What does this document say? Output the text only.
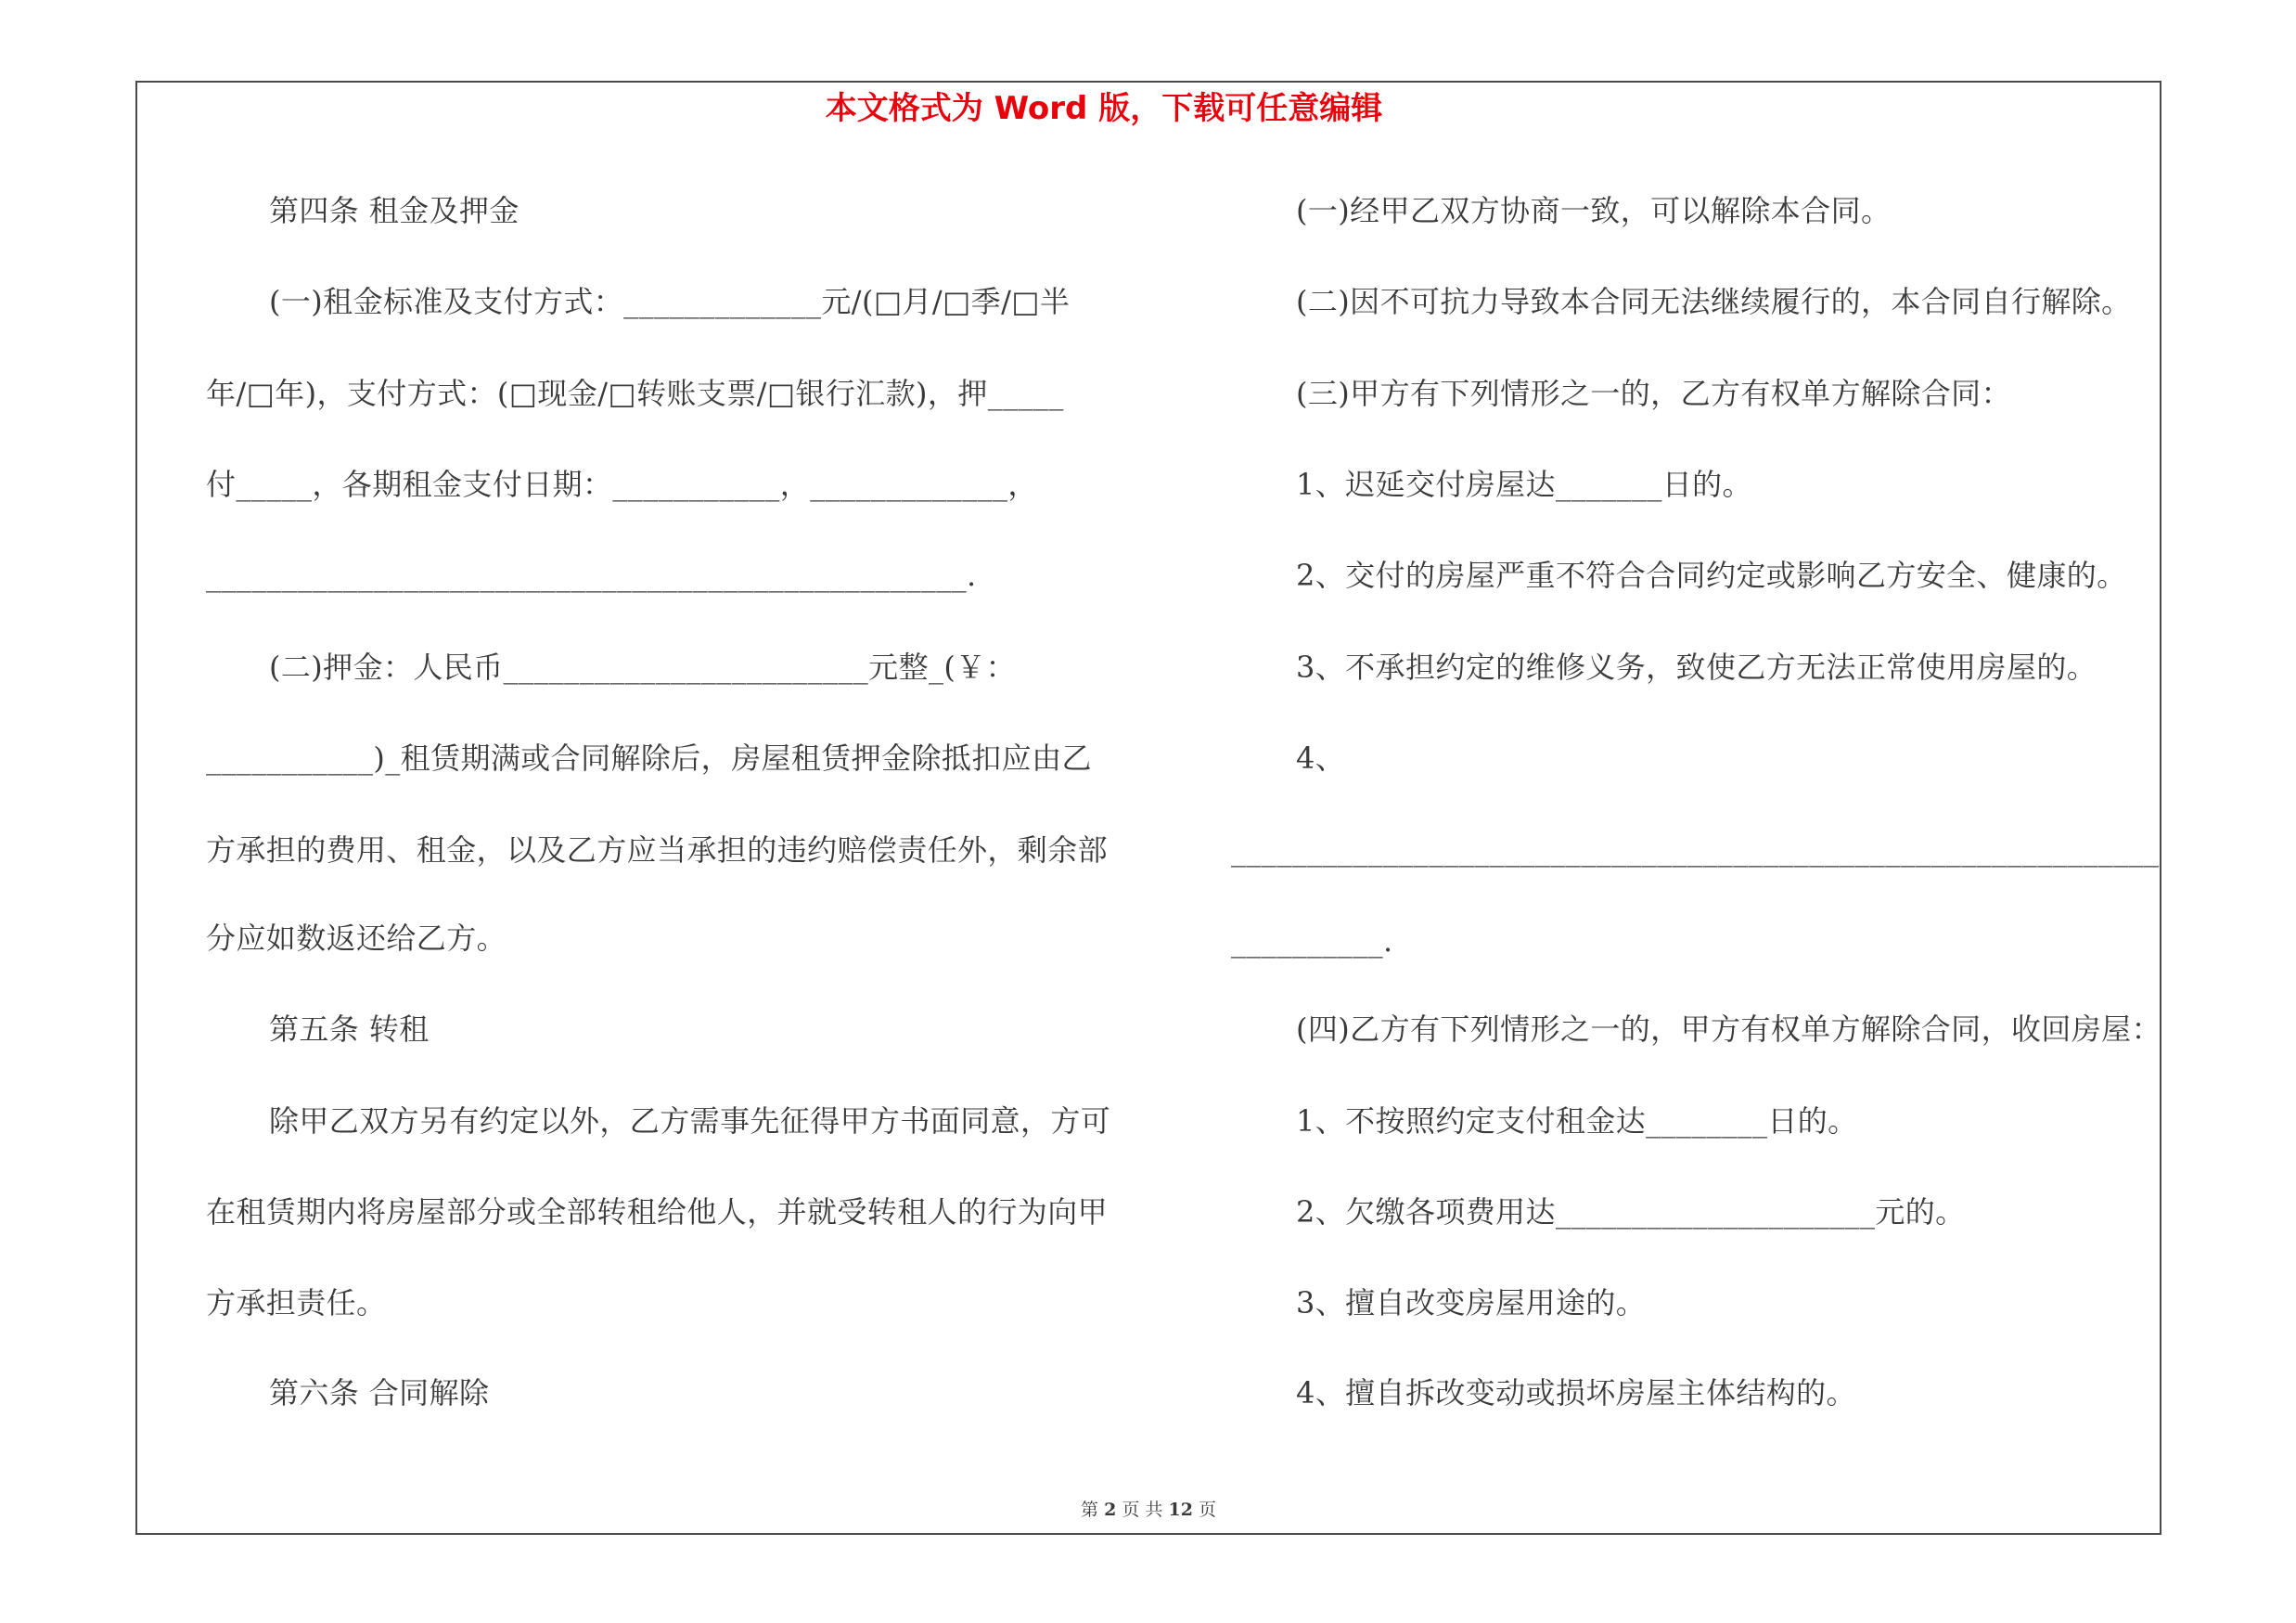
本文格式为 Word 版，下载可任意编辑
第四条 租金及押金
(一)租金标准及支付方式：_____________元/(□月/□季/□半
年/□年)，支付方式：(□现金/□转账支票/□银行汇款)，押_____
付_____，各期租金支付日期：___________，_____________，
__________________________________________________.
(二)押金：人民币________________________元整_(￥：
___________)_租赁期满或合同解除后，房屋租赁押金除抵扣应由乙
方承担的费用、租金，以及乙方应当承担的违约赔偿责任外，剩余部
分应如数返还给乙方。
第五条 转租
除甲乙双方另有约定以外，乙方需事先征得甲方书面同意，方可
在租赁期内将房屋部分或全部转租给他人，并就受转租人的行为向甲
方承担责任。
第六条 合同解除
(一)经甲乙双方协商一致，可以解除本合同。
(二)因不可抗力导致本合同无法继续履行的，本合同自行解除。
(三)甲方有下列情形之一的，乙方有权单方解除合同：
1、迟延交付房屋达_______日的。
2、交付的房屋严重不符合合同约定或影响乙方安全、健康的。
3、不承担约定的维修义务，致使乙方无法正常使用房屋的。
4、
_____________________________________________________________
__________.
(四)乙方有下列情形之一的，甲方有权单方解除合同，收回房屋：
1、不按照约定支付租金达________日的。
2、欠缴各项费用达_____________________元的。
3、擅自改变房屋用途的。
4、擅自拆改变动或损坏房屋主体结构的。
第 2 页 共 12 页
